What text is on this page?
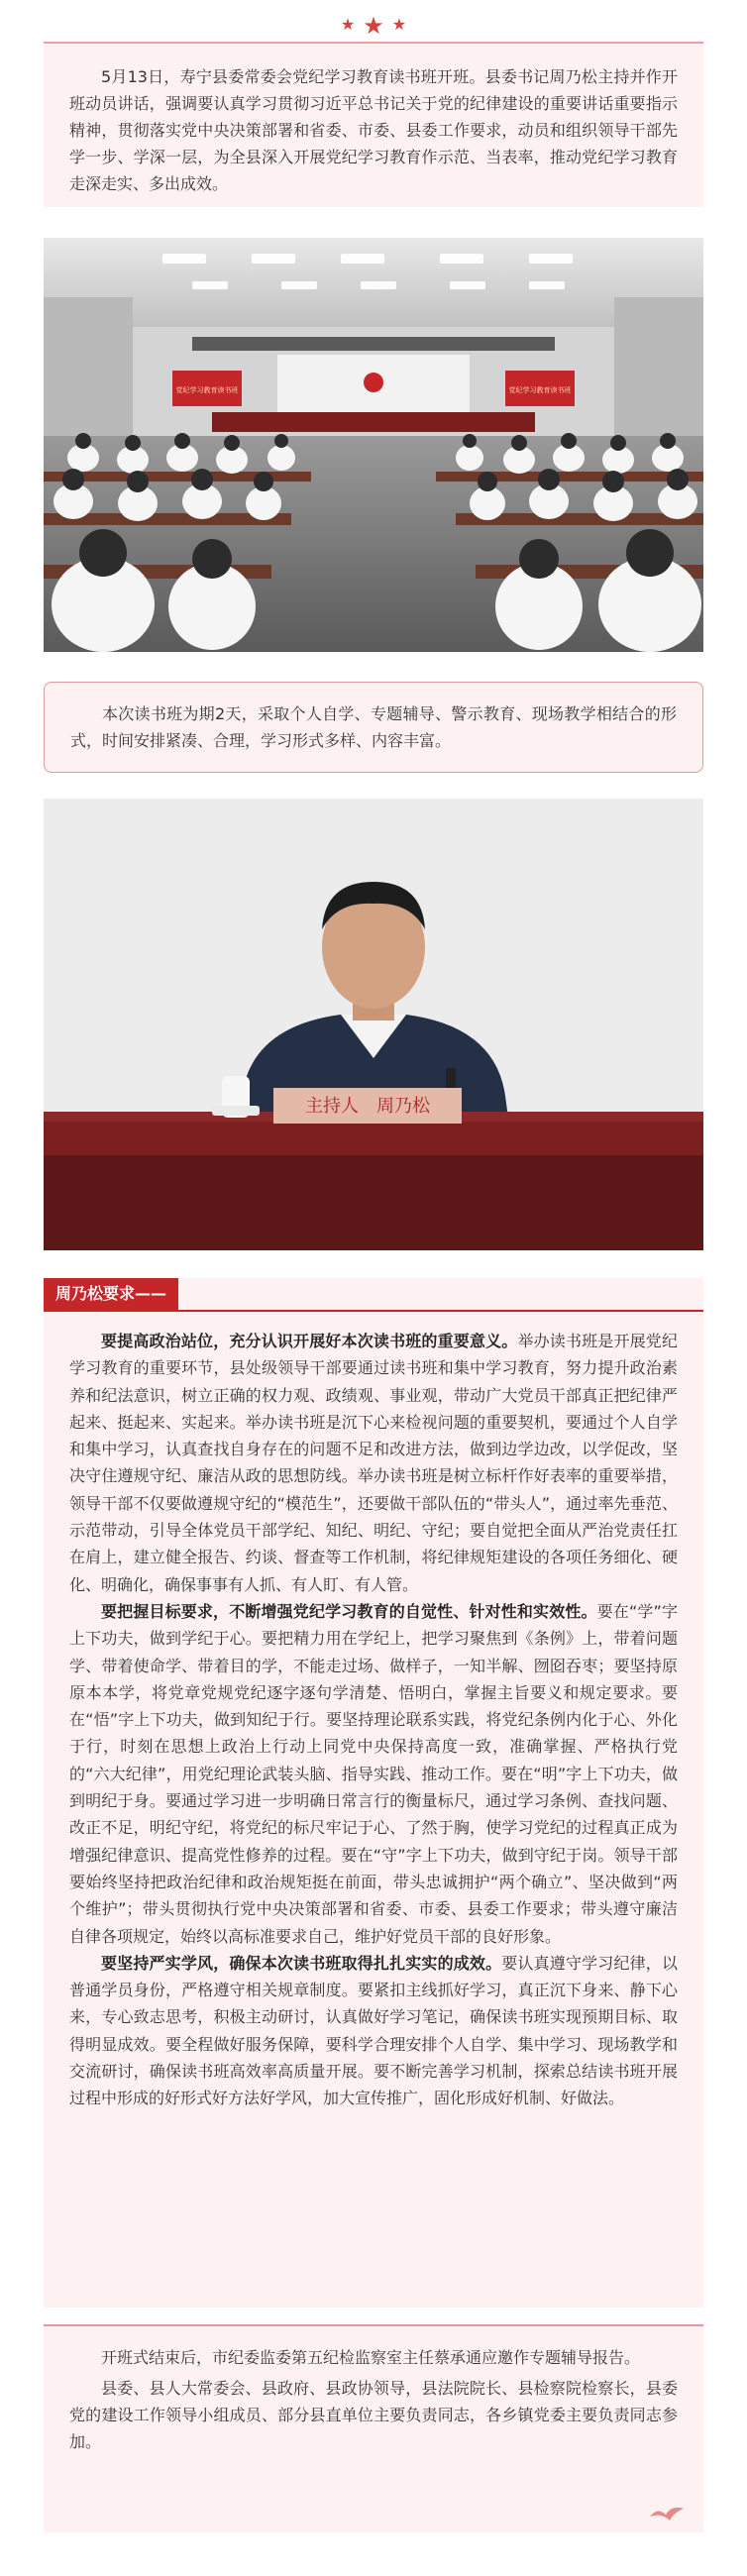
★ ★ ★

5月13日，寿宁县委常委会党纪学习教育读书班开班。县委书记周乃松主持并作开班动员讲话，强调要认真学习贯彻习近平总书记关于党的纪律建设的重要讲话重要指示精神，贯彻落实党中央决策部署和省委、市委、县委工作要求，动员和组织领导干部先学一步、学深一层，为全县深入开展党纪学习教育作示范、当表率，推动党纪学习教育走深走实、多出成效。

党纪学习教育读书班	党纪学习教育读书班

本次读书班为期2天，采取个人自学、专题辅导、警示教育、现场教学相结合的形式，时间安排紧凑、合理，学习形式多样、内容丰富。

主持人　周乃松
周乃松要求——

要提高政治站位，充分认识开展好本次读书班的重要意义。举办读书班是开展党纪学习教育的重要环节，县处级领导干部要通过读书班和集中学习教育，努力提升政治素养和纪法意识，树立正确的权力观、政绩观、事业观，带动广大党员干部真正把纪律严起来、挺起来、实起来。举办读书班是沉下心来检视问题的重要契机，要通过个人自学和集中学习，认真查找自身存在的问题不足和改进方法，做到边学边改，以学促改，坚决守住遵规守纪、廉洁从政的思想防线。举办读书班是树立标杆作好表率的重要举措，领导干部不仅要做遵规守纪的“模范生”，还要做干部队伍的“带头人”，通过率先垂范、示范带动，引导全体党员干部学纪、知纪、明纪、守纪；要自觉把全面从严治党责任扛在肩上，建立健全报告、约谈、督查等工作机制，将纪律规矩建设的各项任务细化、硬化、明确化，确保事事有人抓、有人盯、有人管。

要把握目标要求，不断增强党纪学习教育的自觉性、针对性和实效性。要在“学”字上下功夫，做到学纪于心。要把精力用在学纪上，把学习聚焦到《条例》上，带着问题学、带着使命学、带着目的学，不能走过场、做样子，一知半解、囫囵吞枣；要坚持原原本本学，将党章党规党纪逐字逐句学清楚、悟明白，掌握主旨要义和规定要求。要在“悟”字上下功夫，做到知纪于行。要坚持理论联系实践，将党纪条例内化于心、外化于行，时刻在思想上政治上行动上同党中央保持高度一致，准确掌握、严格执行党的“六大纪律”，用党纪理论武装头脑、指导实践、推动工作。要在“明”字上下功夫，做到明纪于身。要通过学习进一步明确日常言行的衡量标尺，通过学习条例、查找问题、改正不足，明纪守纪，将党纪的标尺牢记于心、了然于胸，使学习党纪的过程真正成为增强纪律意识、提高党性修养的过程。要在“守”字上下功夫，做到守纪于岗。领导干部要始终坚持把政治纪律和政治规矩挺在前面，带头忠诚拥护“两个确立”、坚决做到“两个维护”；带头贯彻执行党中央决策部署和省委、市委、县委工作要求；带头遵守廉洁自律各项规定，始终以高标准要求自己，维护好党员干部的良好形象。

要坚持严实学风，确保本次读书班取得扎扎实实的成效。要认真遵守学习纪律，以普通学员身份，严格遵守相关规章制度。要紧扣主线抓好学习，真正沉下身来、静下心来，专心致志思考，积极主动研讨，认真做好学习笔记，确保读书班实现预期目标、取得明显成效。要全程做好服务保障，要科学合理安排个人自学、集中学习、现场教学和交流研讨，确保读书班高效率高质量开展。要不断完善学习机制，探索总结读书班开展过程中形成的好形式好方法好学风，加大宣传推广，固化形成好机制、好做法。

开班式结束后，市纪委监委第五纪检监察室主任蔡承通应邀作专题辅导报告。

县委、县人大常委会、县政府、县政协领导，县法院院长、县检察院检察长，县委党的建设工作领导小组成员、部分县直单位主要负责同志，各乡镇党委主要负责同志参加。
